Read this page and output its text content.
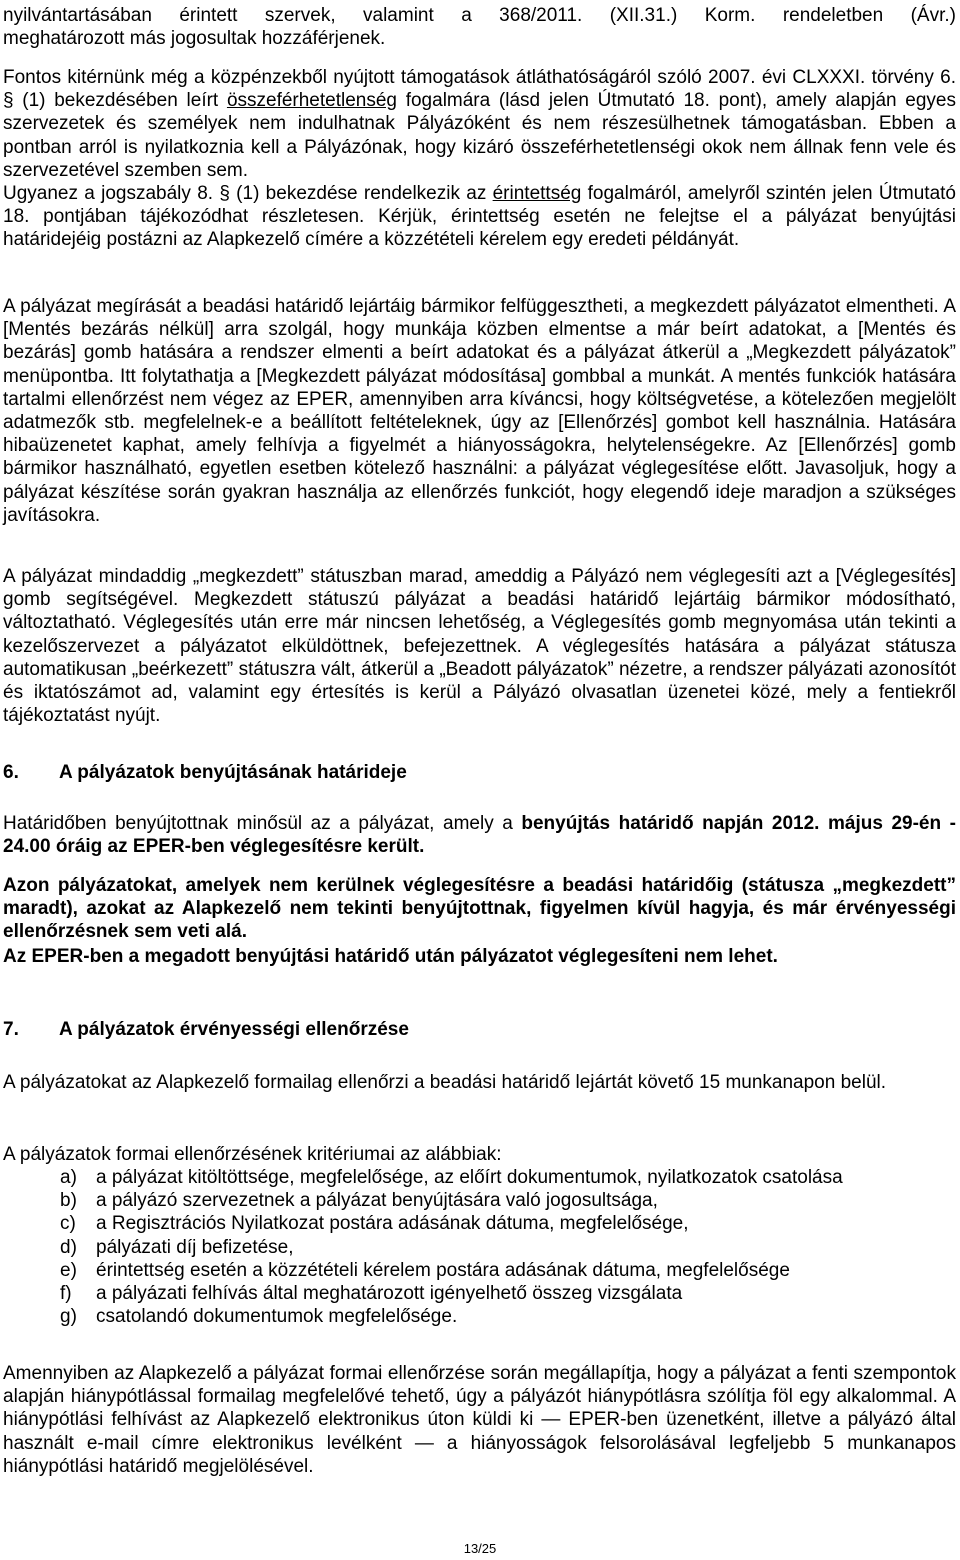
nyilvántartásában érintett szervek, valamint a 368/2011. (XII.31.) Korm. rendeletben (Ávr.)
meghatározott más jogosultak hozzáférjenek.
Fontos kitérnünk még a közpénzekből nyújtott támogatások átláthatóságáról szóló 2007. évi CLXXXI. törvény 6. § (1) bekezdésében leírt összeférhetetlenség fogalmára (lásd jelen Útmutató 18. pont), amely alapján egyes szervezetek és személyek nem indulhatnak Pályázóként és nem részesülhetnek támogatásban. Ebben a pontban arról is nyilatkoznia kell a Pályázónak, hogy kizáró összeférhetetlenségi okok nem állnak fenn vele és szervezetével szemben sem.
Ugyanez a jogszabály 8. § (1) bekezdése rendelkezik az érintettség fogalmáról, amelyről szintén jelen Útmutató 18. pontjában tájékozódhat részletesen. Kérjük, érintettség esetén ne felejtse el a pályázat benyújtási határidejéig postázni az Alapkezelő címére a közzétételi kérelem egy eredeti példányát.
A pályázat megírását a beadási határidő lejártáig bármikor felfüggesztheti, a megkezdett pályázatot elmentheti. A [Mentés bezárás nélkül] arra szolgál, hogy munkája közben elmentse a már beírt adatokat, a [Mentés és bezárás] gomb hatására a rendszer elmenti a beírt adatokat és a pályázat átkerül a „Megkezdett pályázatok” menüpontba. Itt folytathatja a [Megkezdett pályázat módosítása] gombbal a munkát. A mentés funkciók hatására tartalmi ellenőrzést nem végez az EPER, amennyiben arra kíváncsi, hogy költségvetése, a kötelezően megjelölt adatmezők stb. megfelelnek-e a beállított feltételeknek, úgy az [Ellenőrzés] gombot kell használnia. Hatására hibaüzenetet kaphat, amely felhívja a figyelmét a hiányosságokra, helytelenségekre. Az [Ellenőrzés] gomb bármikor használható, egyetlen esetben kötelező használni: a pályázat véglegesítése előtt. Javasoljuk, hogy a pályázat készítése során gyakran használja az ellenőrzés funkciót, hogy elegendő ideje maradjon a szükséges javításokra.
A pályázat mindaddig „megkezdett” státuszban marad, ameddig a Pályázó nem véglegesíti azt a [Véglegesítés] gomb segítségével. Megkezdett státuszú pályázat a beadási határidő lejártáig bármikor módosítható, változtatható. Véglegesítés után erre már nincsen lehetőség, a Véglegesítés gomb megnyomása után tekinti a kezelőszervezet a pályázatot elküldöttnek, befejezettnek. A véglegesítés hatására a pályázat státusza automatikusan „beérkezett” státuszra vált, átkerül a „Beadott pályázatok” nézetre, a rendszer pályázati azonosítót és iktatószámot ad, valamint egy értesítés is kerül a Pályázó olvasatlan üzenetei közé, mely a fentiekről tájékoztatást nyújt.
6. A pályázatok benyújtásának határideje
Határidőben benyújtottnak minősül az a pályázat, amely a benyújtás határidő napján 2012. május 29-én - 24.00 óráig az EPER-ben véglegesítésre került.
Azon pályázatokat, amelyek nem kerülnek véglegesítésre a beadási határidőig (státusza „megkezdett” maradt), azokat az Alapkezelő nem tekinti benyújtottnak, figyelmen kívül hagyja, és már érvényességi ellenőrzésnek sem veti alá.
Az EPER-ben a megadott benyújtási határidő után pályázatot véglegesíteni nem lehet.
7. A pályázatok érvényességi ellenőrzése
A pályázatokat az Alapkezelő formailag ellenőrzi a beadási határidő lejártát követő 15 munkanapon belül.
A pályázatok formai ellenőrzésének kritériumai az alábbiak:
a) a pályázat kitöltöttsége, megfelelősége, az előírt dokumentumok, nyilatkozatok csatolása
b) a pályázó szervezetnek a pályázat benyújtására való jogosultsága,
c) a Regisztrációs Nyilatkozat postára adásának dátuma, megfelelősége,
d) pályázati díj befizetése,
e) érintettség esetén a közzétételi kérelem postára adásának dátuma, megfelelősége
f) a pályázati felhívás által meghatározott igényelhető összeg vizsgálata
g) csatolandó dokumentumok megfelelősége.
Amennyiben az Alapkezelő a pályázat formai ellenőrzése során megállapítja, hogy a pályázat a fenti szempontok alapján hiánypótlással formailag megfelelővé tehető, úgy a pályázót hiánypótlásra szólítja föl egy alkalommal. A hiánypótlási felhívást az Alapkezelő elektronikus úton küldi ki — EPER-ben üzenetként, illetve a pályázó által használt e-mail címre elektronikus levélként — a hiányosságok felsorolásával legfeljebb 5 munkanapos hiánypótlási határidő megjelölésével.
13/25
